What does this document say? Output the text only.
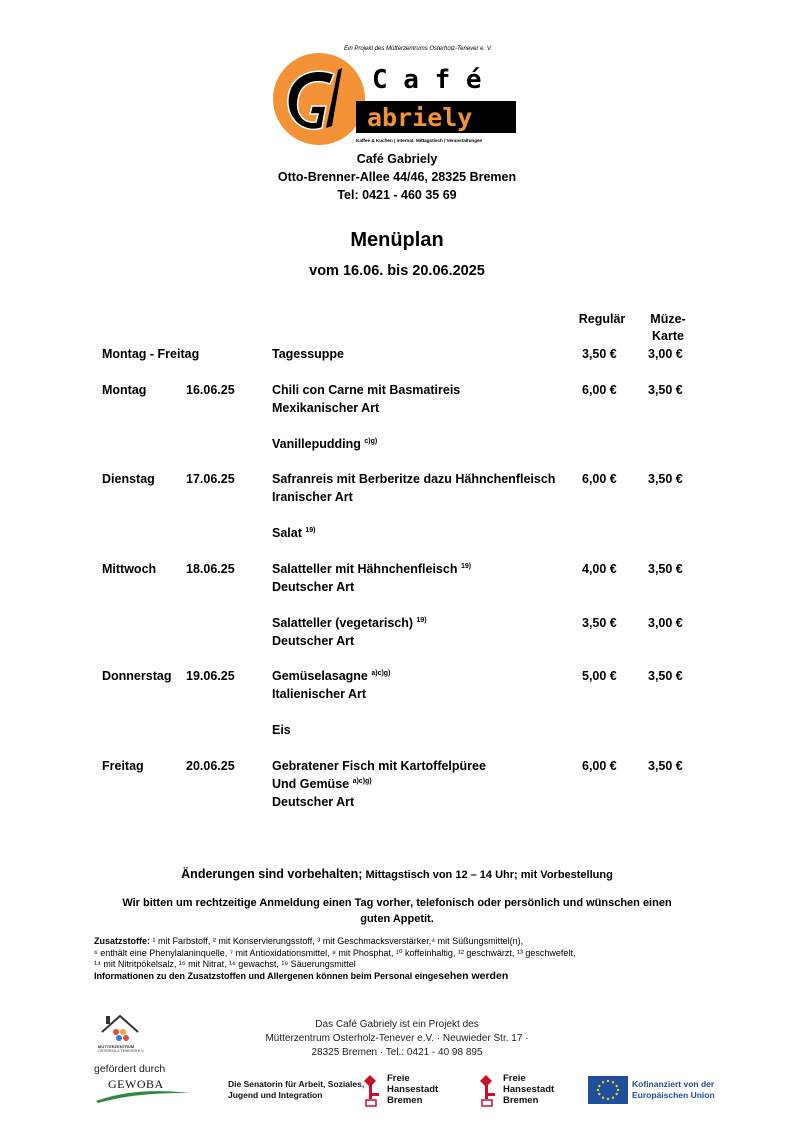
Ein Projekt des Mütterzentrums Osterholz-Tenever e. V.
C a f é
abriely
Kaffee & Kuchen | internat. Mittagstisch | Veranstaltungen
Café Gabriely
Otto-Brenner-Allee 44/46, 28325 Bremen
Tel: 0421 - 460 35 69
Menüplan
vom 16.06. bis 20.06.2025
Regulär	Müze-
Karte
Montag - Freitag	Tagessuppe	3,50 € 3,00 €
Montag	16.06.25	Chili con Carne mit Basmatireis
Mexikanischer Art
6,00 € 3,50 €
Vanillepudding $^{c)g)}$
Dienstag 17.06.25	Safranreis mit Berberitze dazu Hähnchenfleisch
Iranischer Art
6,00 € 3,50 €
Salat $^{19)}$
Mittwoch 18.06.25	Salatteller mit Hähnchenfleisch $^{19)}$
Deutscher Art
4,00 € 3,50 €
Salatteller (vegetarisch) $^{19)}$
Deutscher Art
3,50 € 3,00 €
Donnerstag 19.06.25	Gemüselasagne $^{a)c)g)}$
Italienischer Art
5,00 € 3,50 €
Eis
Freitag	20.06.25	Gebratener Fisch mit Kartoffelpüree
Und Gemüse $^{a)c)g)}$
Deutscher Art
6,00 € 3,50 €
Änderungen sind vorbehalten; Mittagstisch von 12 – 14 Uhr; mit Vorbestellung
Wir bitten um rechtzeitige Anmeldung einen Tag vorher, telefonisch oder persönlich und wünschen einen
guten Appetit.
Zusatzstoffe: ¹ mit Farbstoff, ² mit Konservierungsstoff, ³ mit Geschmacksverstärker,⁴ mit Süßungsmittel(n),
⁶ enthält eine Phenylalaninquelle, ⁷ mit Antioxidationsmittel, ⁸ mit Phosphat, ¹⁰ koffeinhaltig, ¹² geschwärzt, ¹³ geschwefelt,
¹⁴ mit Nitritpökelsalz, ¹⁵ mit Nitrat, ¹⁶ gewachst, ¹⁹ Säuerungsmittel
Informationen zu den Zusatzstoffen und Allergenen können beim Personal eingesehen werden
MÜTTERZENTRUM
OSTERHOLZ-TENEVER E.V.
Das Café Gabriely ist ein Projekt des
Mütterzentrum Osterholz-Tenever e.V. · Neuwieder Str. 17 ·
28325 Bremen · Tel.: 0421 - 40 98 895
gefördert durch
GEWOBA	Die Senatorin für Arbeit, Soziales,
Jugend und Integration
Freie
Hansestadt
Bremen
Freie
Hansestadt
Bremen
Kofinanziert von der
Europäischen Union
